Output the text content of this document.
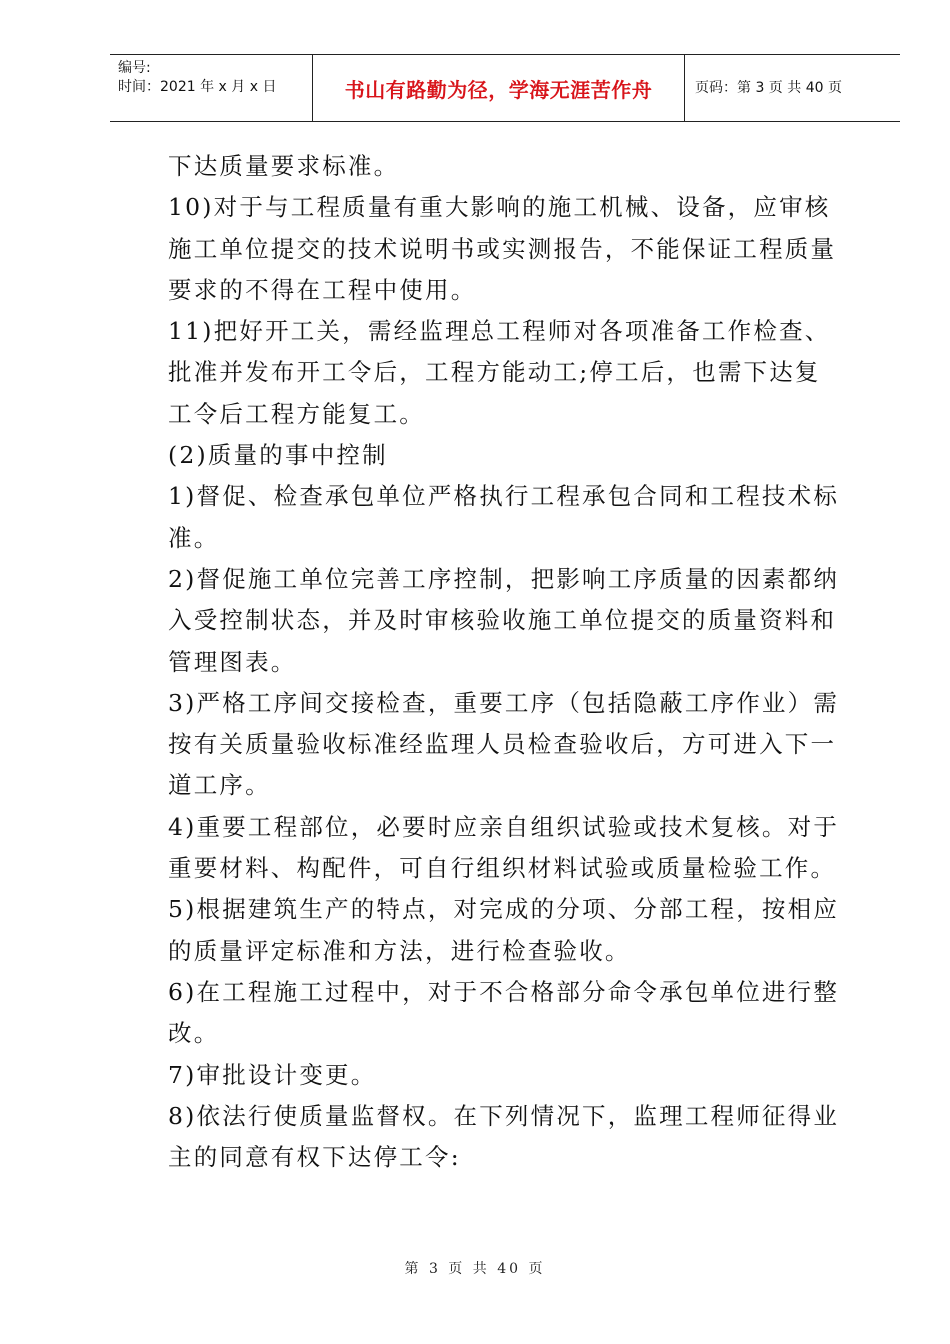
编号:
时间：2021 年 x 月 x 日	书山有路勤为径，学海无涯苦作舟	页码：第 3 页 共 40 页
下达质量要求标准。
10)对于与工程质量有重大影响的施工机械、设备，应审核
施工单位提交的技术说明书或实测报告，不能保证工程质量
要求的不得在工程中使用。
11)把好开工关，需经监理总工程师对各项准备工作检查、
批准并发布开工令后，工程方能动工;停工后，也需下达复
工令后工程方能复工。
(2)质量的事中控制
1)督促、检查承包单位严格执行工程承包合同和工程技术标
准。
2)督促施工单位完善工序控制，把影响工序质量的因素都纳
入受控制状态，并及时审核验收施工单位提交的质量资料和
管理图表。
3)严格工序间交接检查，重要工序（包括隐蔽工序作业）需
按有关质量验收标准经监理人员检查验收后，方可进入下一
道工序。
4)重要工程部位，必要时应亲自组织试验或技术复核。对于
重要材料、构配件，可自行组织材料试验或质量检验工作。
5)根据建筑生产的特点，对完成的分项、分部工程，按相应
的质量评定标准和方法，进行检查验收。
6)在工程施工过程中，对于不合格部分命令承包单位进行整
改。
7)审批设计变更。
8)依法行使质量监督权。在下列情况下，监理工程师征得业
主的同意有权下达停工令:
第 3 页 共 40 页
